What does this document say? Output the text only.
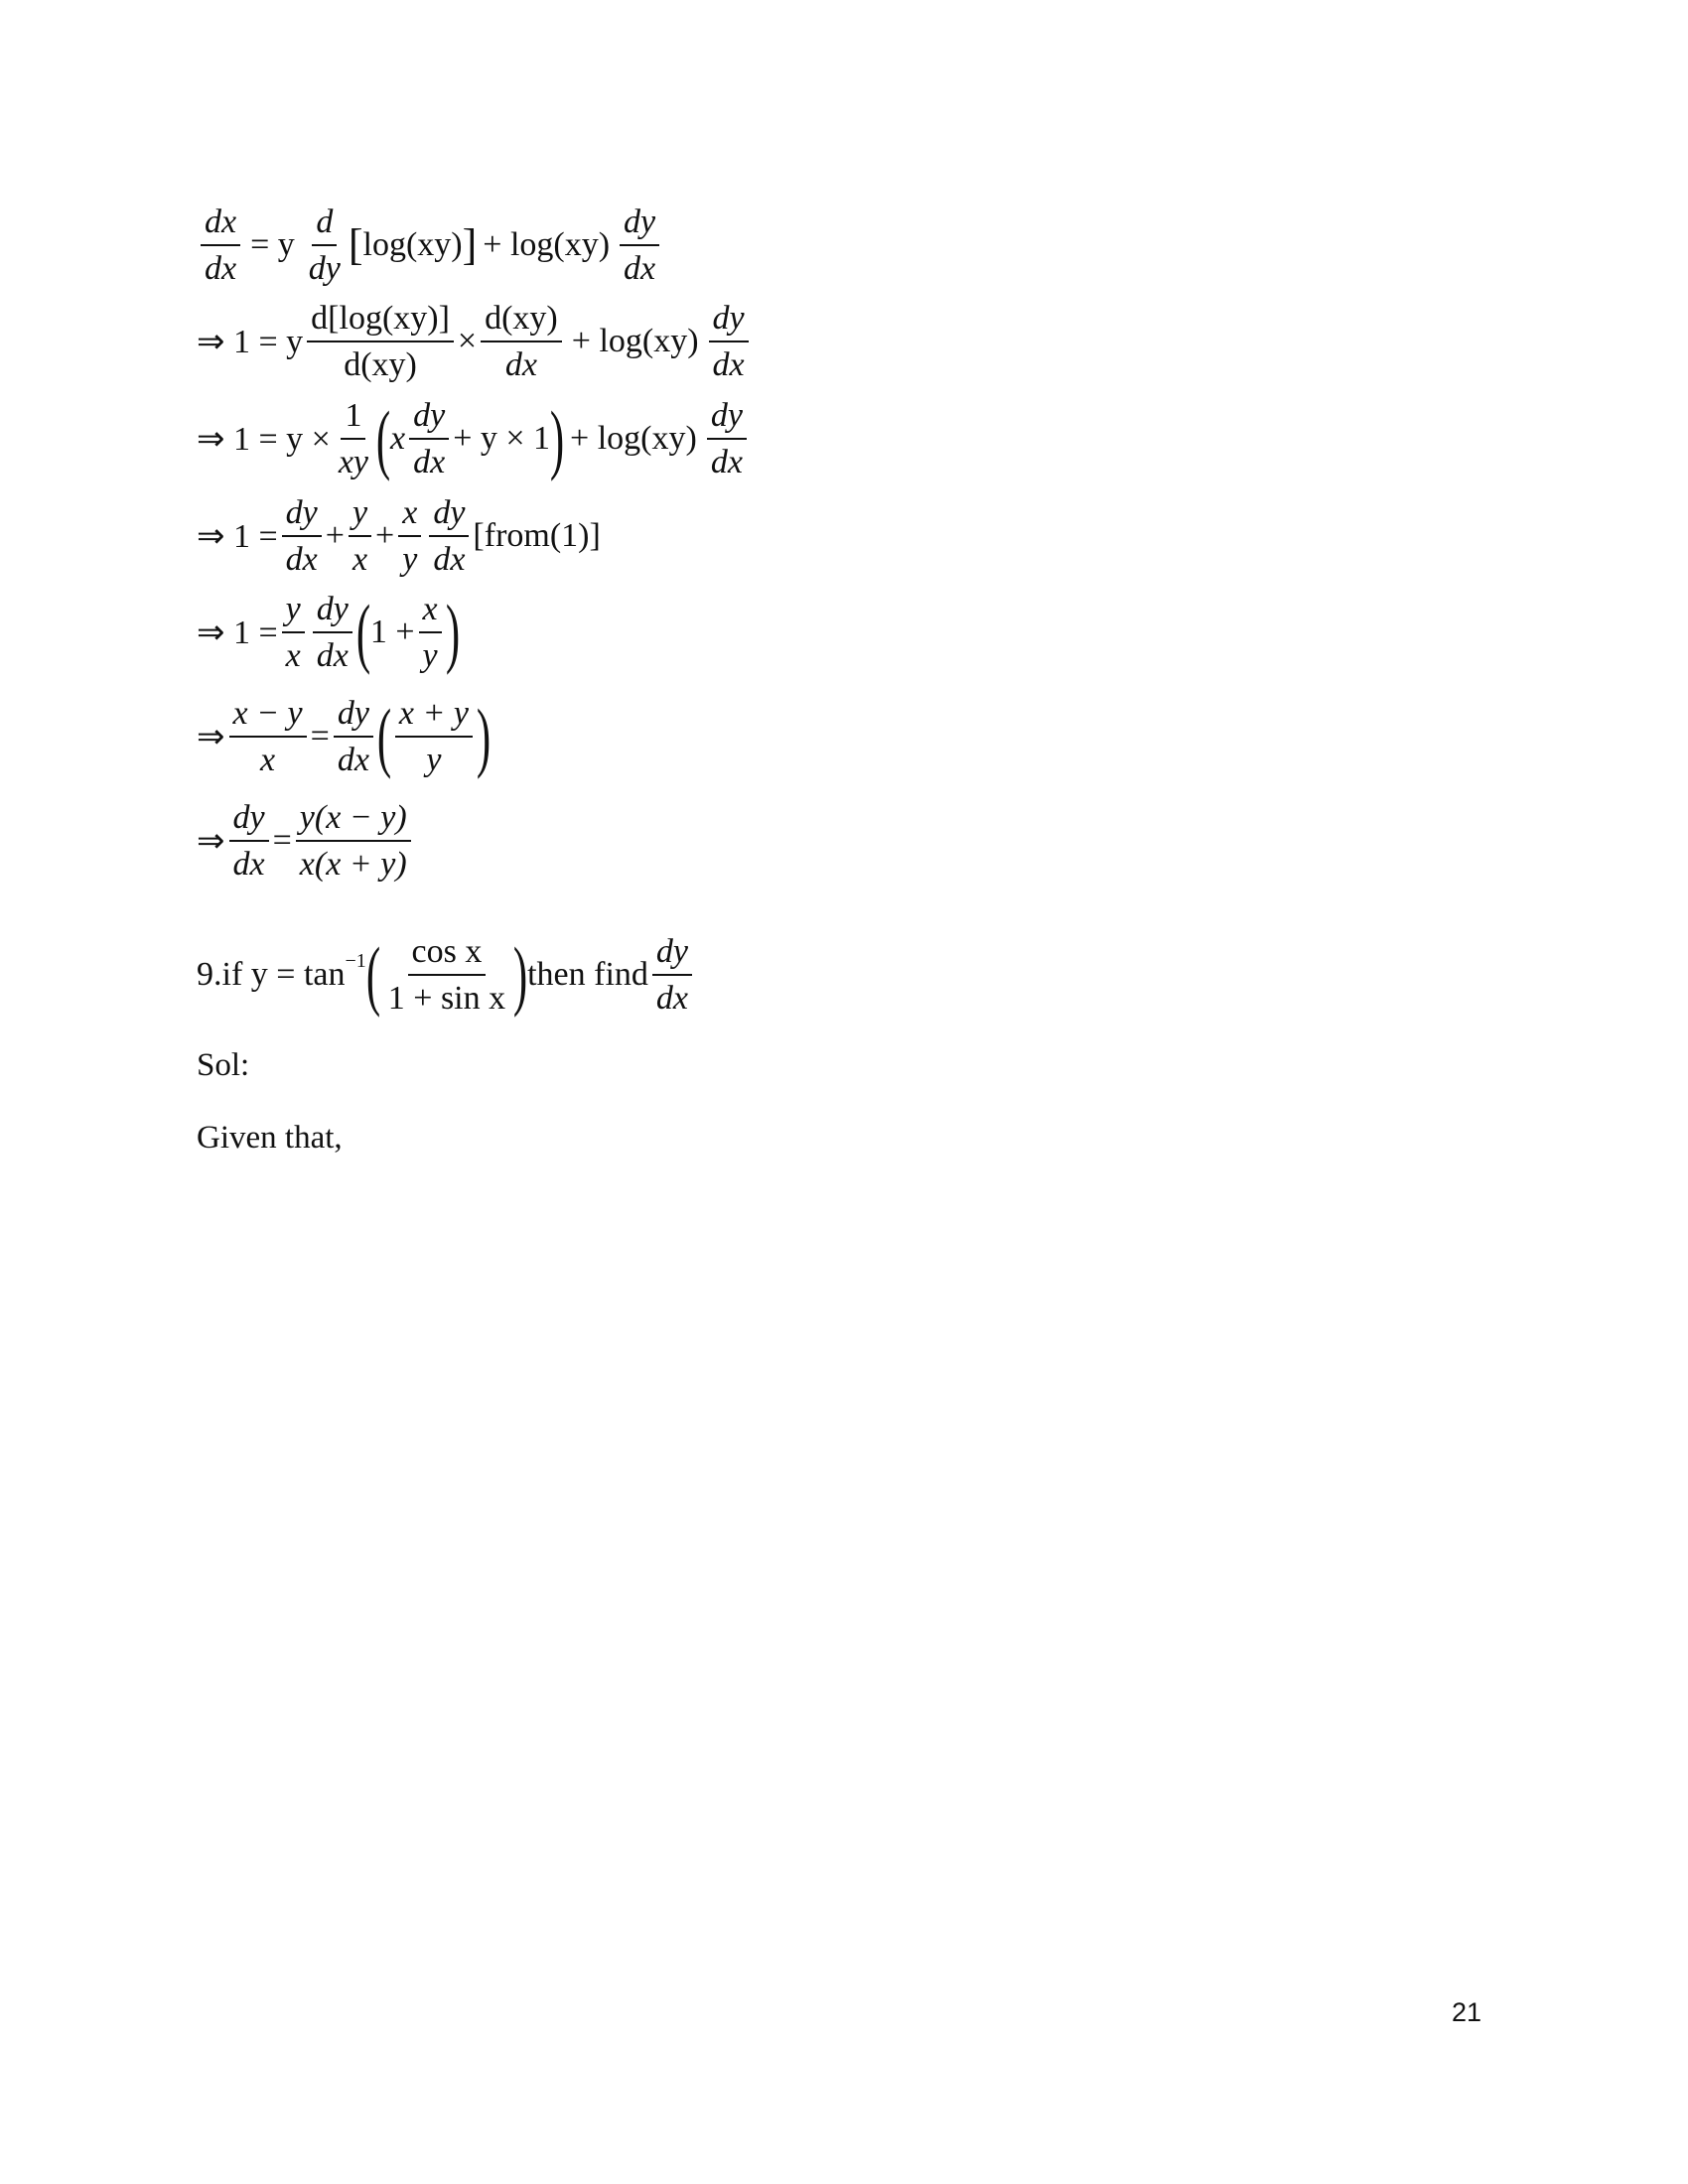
$\frac{dx}{dx} = y \frac{d}{dy}$ [ log(xy) ] + $\log(xy) \frac{dy}{dx}$
⇒ 1 = y $\frac{d[\log(xy)]}{d(xy)} \times \frac{d(xy)}{dx} + \log(xy) \frac{dy}{dx}$
⇒ $1 = y \times \frac{1}{xy}$ ( x $\frac{dy}{dx} + y \times 1$ ) + $\log(xy) \frac{dy}{dx}$
⇒ $1 = \frac{dy}{dx} + \frac{y}{x} + \frac{x}{y} \frac{dy}{dx}$ [from(1)]
⇒ $1 = \frac{y}{x} \frac{dy}{dx}$ ( $1 + \frac{x}{y}$ )
⇒ $\frac{x - y}{x} = \frac{dy}{dx}$ ( $\frac{x + y}{y}$ )
⇒ $\frac{dy}{dx} = \frac{y(x - y)}{x(x + y)}$
9.if
y = tan −1 ( $\frac{\text{cos x}}{\text{1 + sin x}}$ ) then find $\frac{dy}{dx}$
Sol:
Given that,
21
